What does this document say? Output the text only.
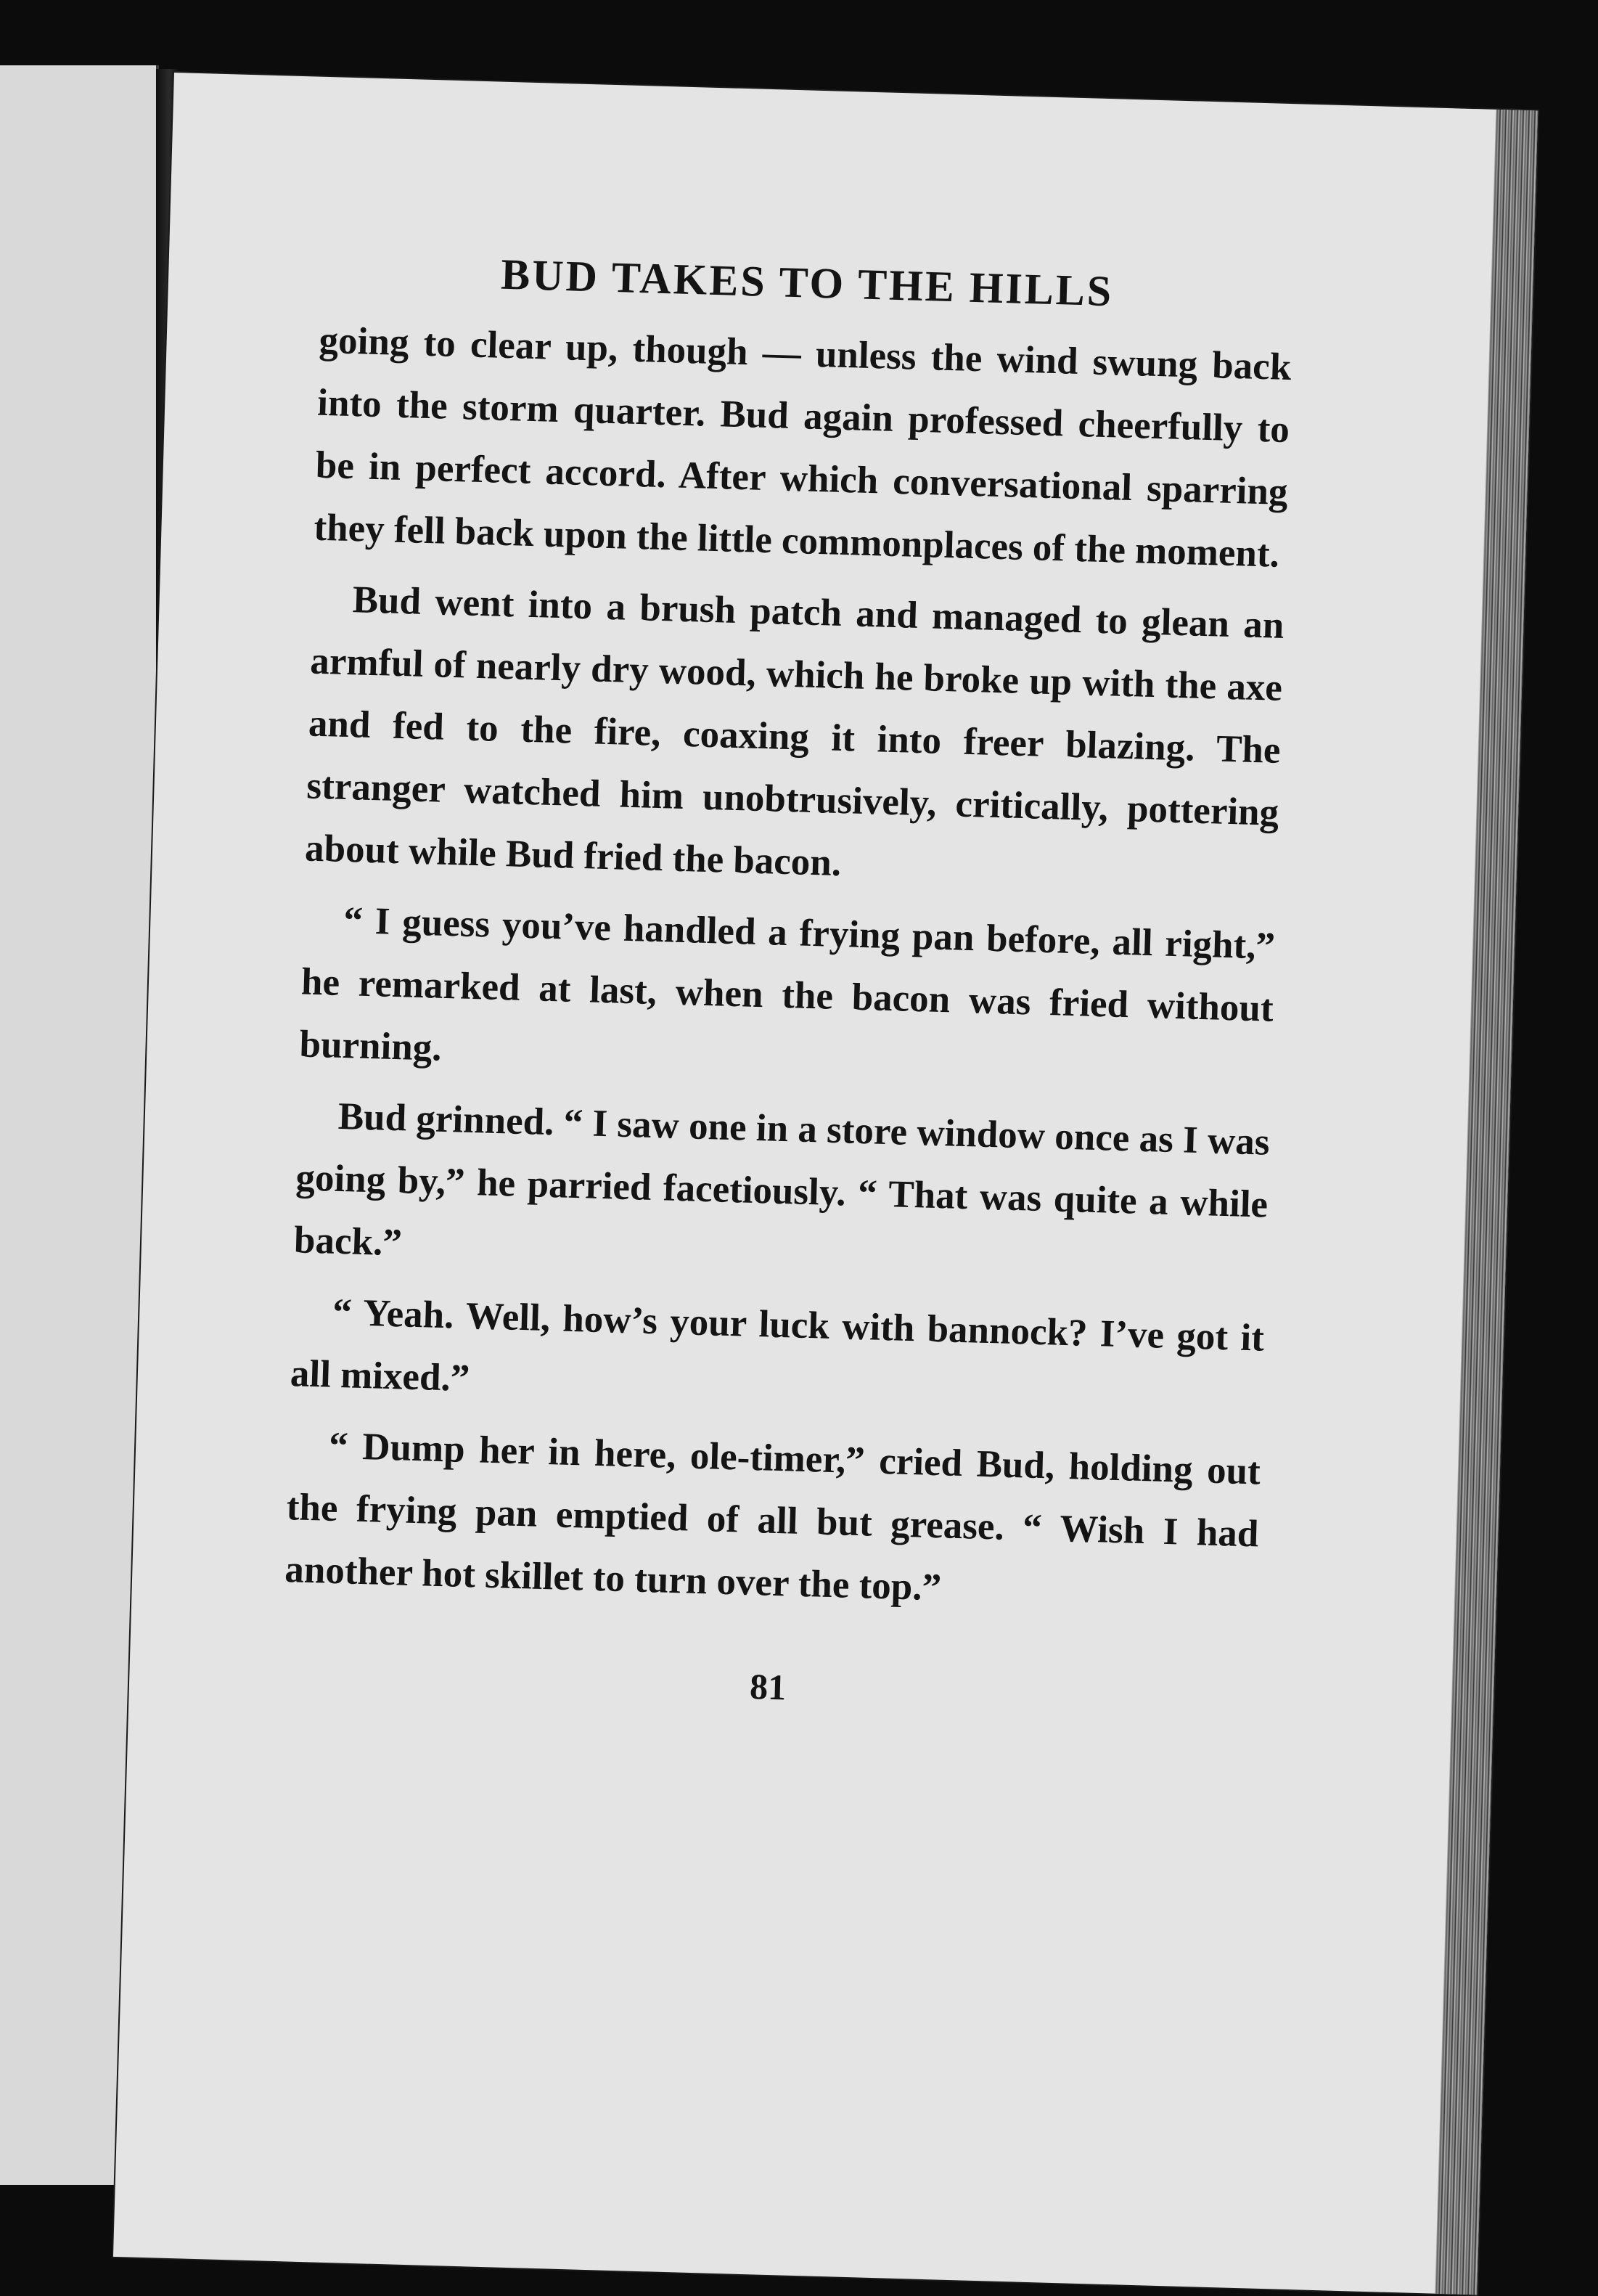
BUD TAKES TO THE HILLS

going to clear up, though — unless the wind swung back into the storm quarter. Bud again professed cheerfully to be in perfect accord. After which conversational sparring they fell back upon the little commonplaces of the moment.

Bud went into a brush patch and managed to glean an armful of nearly dry wood, which he broke up with the axe and fed to the fire, coaxing it into freer blazing. The stranger watched him unobtrusively, critically, pottering about while Bud fried the bacon.

“ I guess you’ve handled a frying pan before, all right,” he remarked at last, when the bacon was fried without burning.

Bud grinned. “ I saw one in a store window once as I was going by,” he parried facetiously. “ That was quite a while back.”

“ Yeah. Well, how’s your luck with bannock? I’ve got it all mixed.”

“ Dump her in here, ole-timer,” cried Bud, holding out the frying pan emptied of all but grease. “ Wish I had another hot skillet to turn over the top.”

81
